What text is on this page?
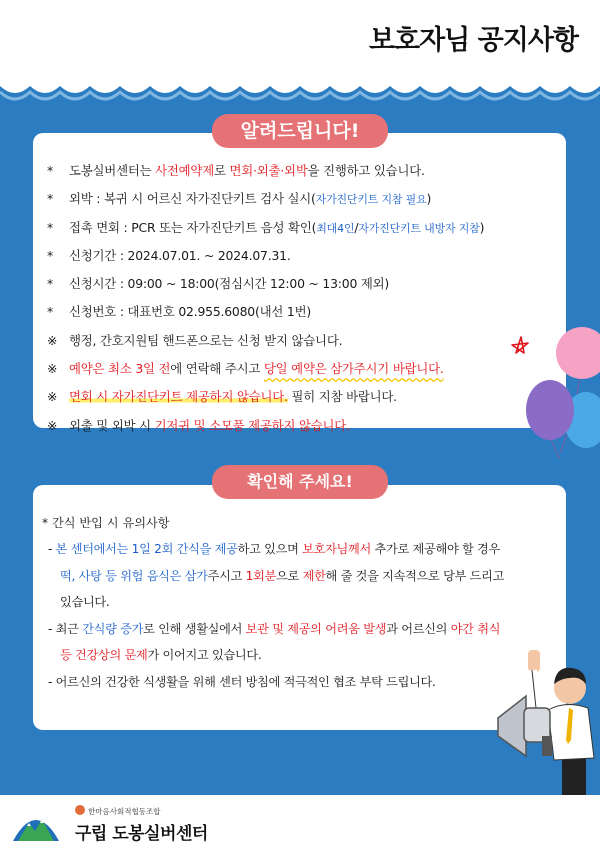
보호자님 공지사항
알려드립니다!
* 도봉실버센터는 사전예약제로 면회·외출·외박을 진행하고 있습니다.
* 외박 : 복귀 시 어르신 자가진단키트 검사 실시(자가진단키트 지참 필요)
* 접촉 면회 : PCR 또는 자가진단키트 음성 확인(최대4인/자가진단키트 내방자 지참)
* 신청기간 : 2024.07.01. ~ 2024.07.31.
* 신청시간 : 09:00 ~ 18:00(점심시간 12:00 ~ 13:00 제외)
* 신청번호 : 대표번호 02.955.6080(내선 1번)
※ 행정, 간호지원팀 핸드폰으로는 신청 받지 않습니다.
※ 예약은 최소 3일 전에 연락해 주시고 당일 예약은 삼가주시기 바랍니다.
※ 면회 시 자가진단키트 제공하지 않습니다. 필히 지참 바랍니다.
※ 외출 및 외박 시 기저귀 및 소모품 제공하지 않습니다.
확인해 주세요!
* 간식 반입 시 유의사항
- 본 센터에서는 1일 2회 간식을 제공하고 있으며 보호자님께서 추가로 제공해야 할 경우
떡, 사탕 등 위험 음식은 삼가주시고 1회분으로 제한해 줄 것을 지속적으로 당부 드리고
있습니다.
- 최근 간식량 증가로 인해 생활실에서 보관 및 제공의 어려움 발생과 어르신의 야간 취식
등 건강상의 문제가 이어지고 있습니다.
- 어르신의 건강한 식생활을 위해 센터 방침에 적극적인 협조 부탁 드립니다.
한마음사회적협동조합
구립 도봉실버센터
